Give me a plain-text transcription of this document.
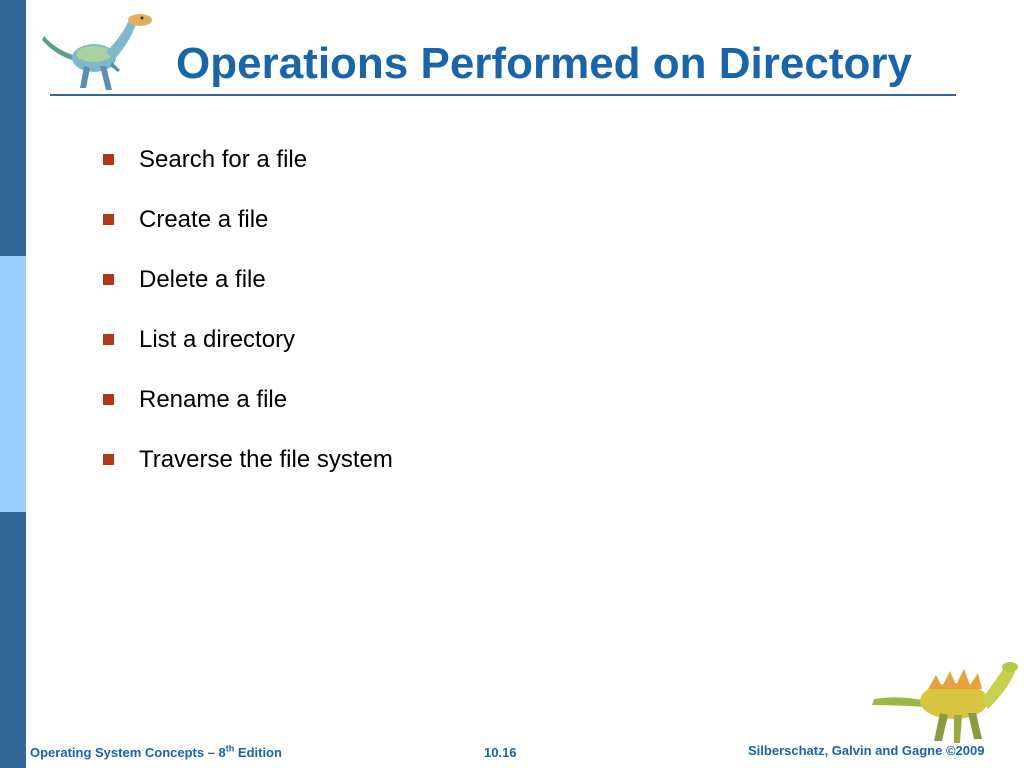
Operations Performed on Directory
Search for a file
Create a file
Delete a file
List a directory
Rename a file
Traverse the file system
Operating System Concepts – 8th Edition	10.16	Silberschatz, Galvin and Gagne ©2009
